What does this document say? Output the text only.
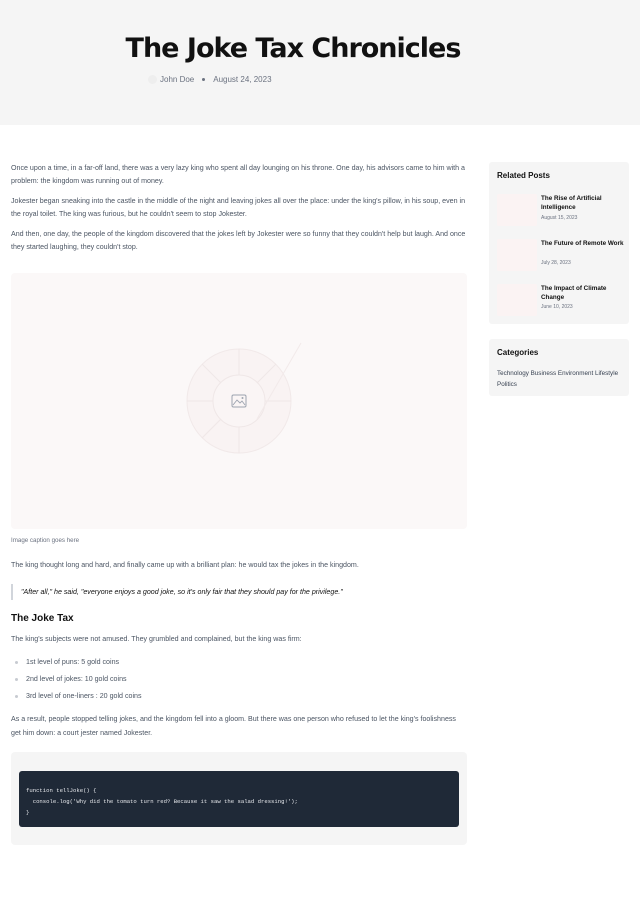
The Joke Tax Chronicles
John Doe August 24, 2023

Once upon a time, in a far-off land, there was a very lazy king who spent all day lounging on his throne. One day, his advisors came to him with a problem: the kingdom was running out of money.

Jokester began sneaking into the castle in the middle of the night and leaving jokes all over the place: under the king's pillow, in his soup, even in the royal toilet. The king was furious, but he couldn't seem to stop Jokester.

And then, one day, the people of the kingdom discovered that the jokes left by Jokester were so funny that they couldn't help but laugh. And once they started laughing, they couldn't stop.

Image caption goes here

The king thought long and hard, and finally came up with a brilliant plan: he would tax the jokes in the kingdom.

"After all," he said, "everyone enjoys a good joke, so it's only fair that they should pay for the privilege."
The Joke Tax

The king's subjects were not amused. They grumbled and complained, but the king was firm:

1st level of puns: 5 gold coins
2nd level of jokes: 10 gold coins
3rd level of one-liners : 20 gold coins

As a result, people stopped telling jokes, and the kingdom fell into a gloom. But there was one person who refused to let the king's foolishness get him down: a court jester named Jokester.

function tellJoke() {
console.log('Why did the tomato turn red? Because it saw the salad dressing!');
}
Related Posts
The Rise of Artificial Intelligence
August 15, 2023
The Future of Remote Work
July 28, 2023
The Impact of Climate Change
June 10, 2023
Categories
Technology Business Environment Lifestyle Politics
